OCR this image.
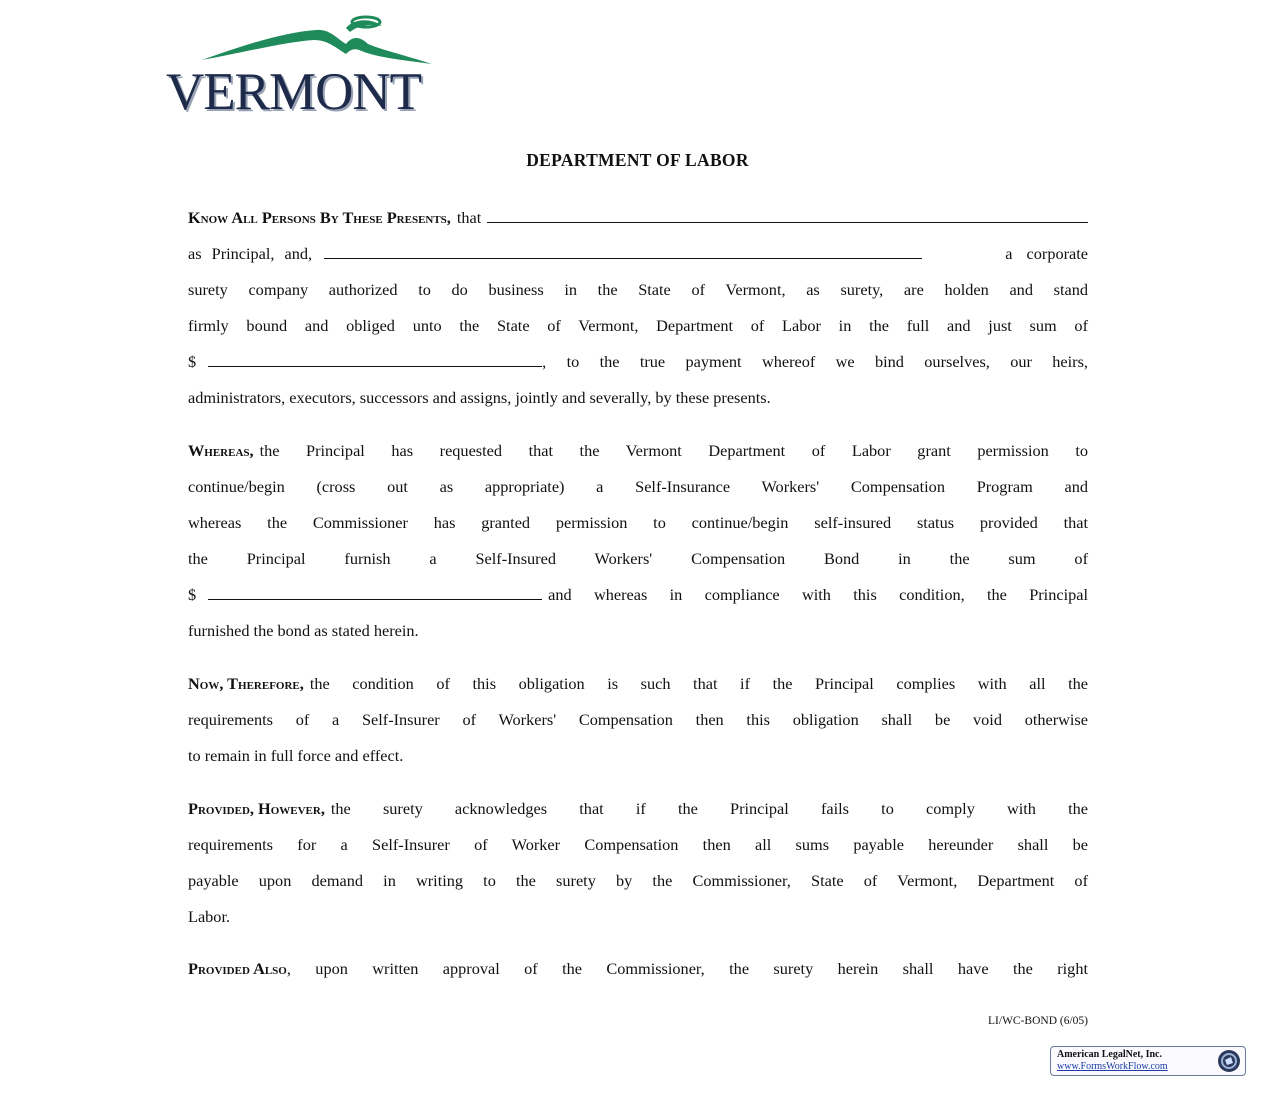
VERMONT
DEPARTMENT OF LABOR
Know All Persons By These Presents, that
as Principal, and,	a corporate
surety company authorized to do business in the State of Vermont, as surety, are holden and stand
firmly bound and obliged unto the State of Vermont, Department of Labor in the full and just sum of
$	, to the true payment whereof we bind ourselves, our heirs,
administrators, executors, successors and assigns, jointly and severally, by these presents.
Whereas, the Principal has requested that the Vermont Department of Labor grant permission to
continue/begin (cross out as appropriate) a Self-Insurance Workers' Compensation Program and
whereas the Commissioner has granted permission to continue/begin self-insured status provided that
the Principal furnish a Self-Insured Workers' Compensation Bond in the sum of
$	and whereas in compliance with this condition, the Principal
furnished the bond as stated herein.
Now, Therefore, the condition of this obligation is such that if the Principal complies with all the
requirements of a Self-Insurer of Workers' Compensation then this obligation shall be void otherwise
to remain in full force and effect.
Provided, However, the surety acknowledges that if the Principal fails to comply with the
requirements for a Self-Insurer of Worker Compensation then all sums payable hereunder shall be
payable upon demand in writing to the surety by the Commissioner, State of Vermont, Department of
Labor.
Provided Also , upon written approval of the Commissioner, the surety herein shall have the right
LI/WC-BOND (6/05)
American LegalNet, Inc.
www.FormsWorkFlow.com
